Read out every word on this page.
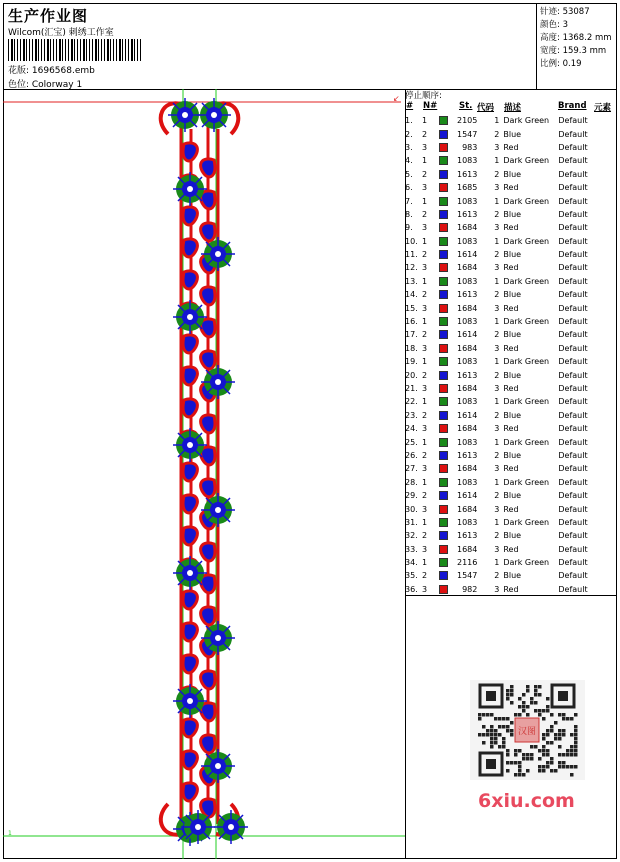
生产作业图
Wilcom(汇宝) 刺绣工作室
花版: 1696568.emb
色位: Colorway 1
针迹: 53087
颜色: 3
高度: 1368.2 mm
宽度: 159.3 mm
比例: 0.19
↙
1
停止顺序:
# N#	St. 代码 描述	Brand 元素
1.	1		2105	1	Dark Green	Default
2.	2		1547	2	Blue	Default
3.	3		983	3	Red	Default
4.	1		1083	1	Dark Green	Default
5.	2		1613	2	Blue	Default
6.	3		1685	3	Red	Default
7.	1		1083	1	Dark Green	Default
8.	2		1613	2	Blue	Default
9.	3		1684	3	Red	Default
10.	1		1083	1	Dark Green	Default
11.	2		1614	2	Blue	Default
12.	3		1684	3	Red	Default
13.	1		1083	1	Dark Green	Default
14.	2		1613	2	Blue	Default
15.	3		1684	3	Red	Default
16.	1		1083	1	Dark Green	Default
17.	2		1614	2	Blue	Default
18.	3		1684	3	Red	Default
19.	1		1083	1	Dark Green	Default
20.	2		1613	2	Blue	Default
21.	3		1684	3	Red	Default
22.	1		1083	1	Dark Green	Default
23.	2		1614	2	Blue	Default
24.	3		1684	3	Red	Default
25.	1		1083	1	Dark Green	Default
26.	2		1613	2	Blue	Default
27.	3		1684	3	Red	Default
28.	1		1083	1	Dark Green	Default
29.	2		1614	2	Blue	Default
30.	3		1684	3	Red	Default
31.	1		1083	1	Dark Green	Default
32.	2		1613	2	Blue	Default
33.	3		1684	3	Red	Default
34.	1		2116	1	Dark Green	Default
35.	2		1547	2	Blue	Default
36.	3		982	3	Red	Default
汉图
6xiu.com
